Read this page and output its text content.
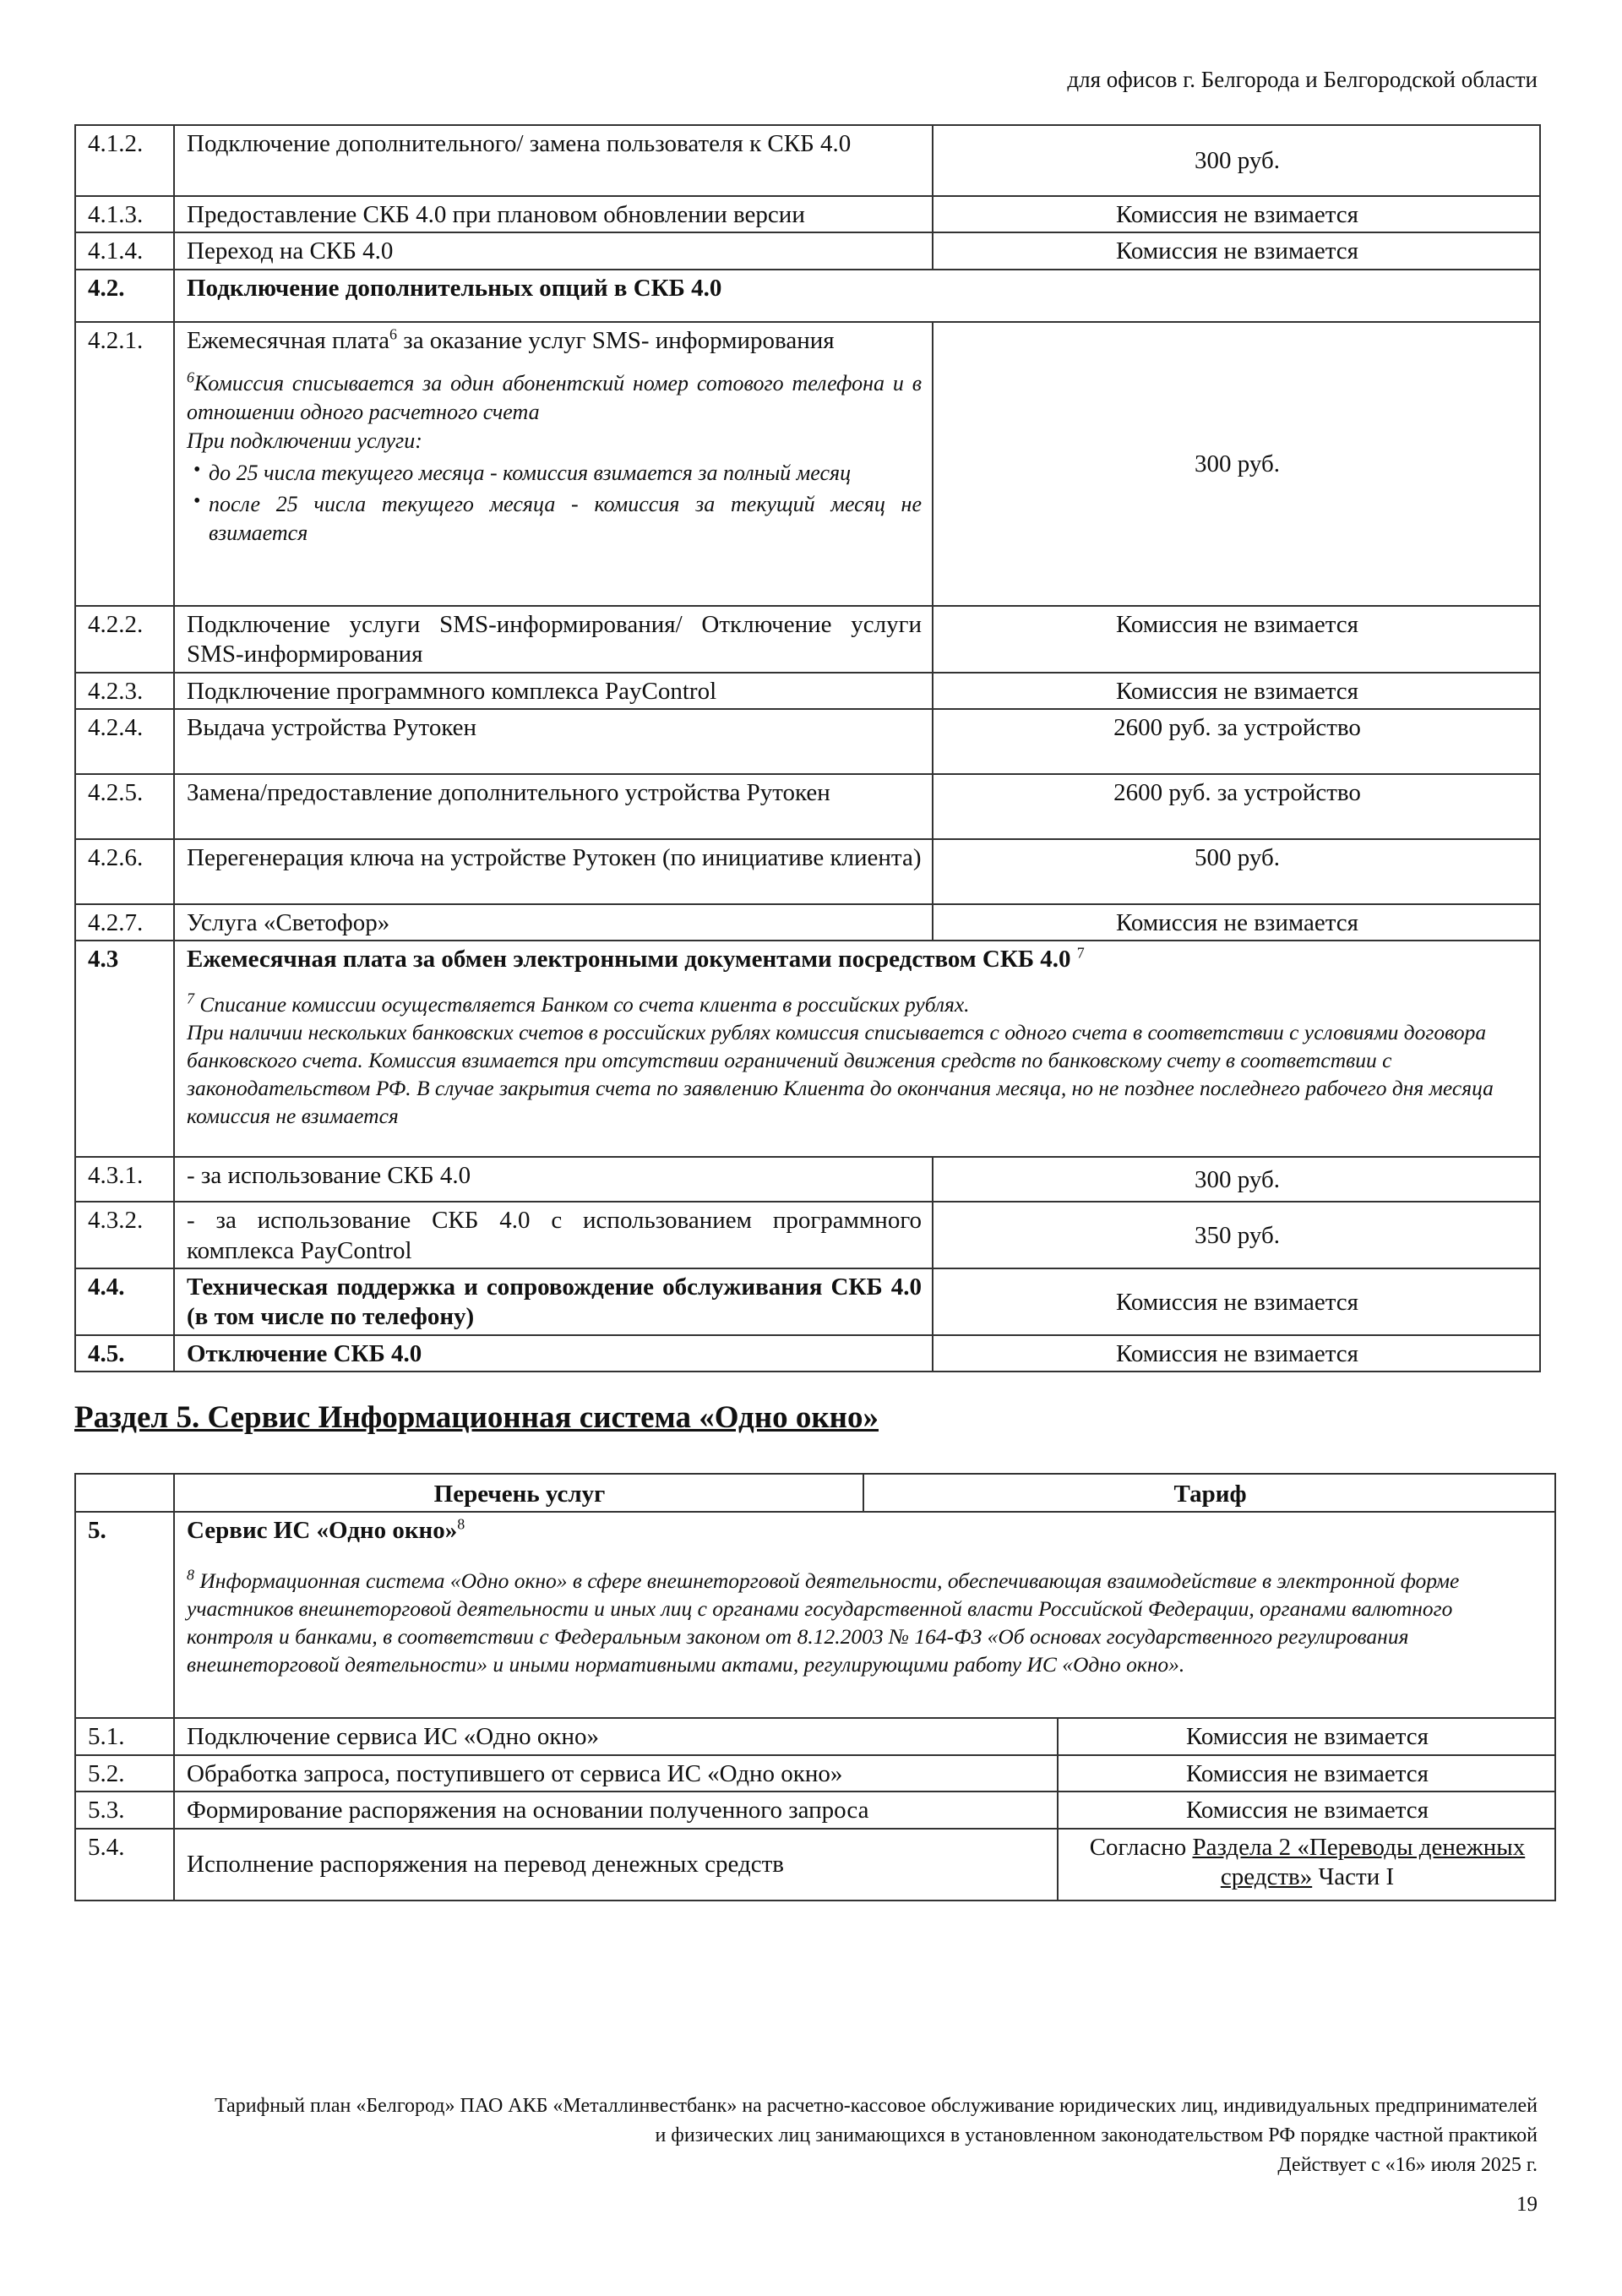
для офисов г. Белгорода и Белгородской области
4.1.2.	Подключение дополнительного/ замена пользователя к СКБ 4.0	300 руб.
4.1.3.	Предоставление СКБ 4.0 при плановом обновлении версии	Комиссия не взимается
4.1.4.	Переход на СКБ 4.0	Комиссия не взимается
4.2.	Подключение дополнительных опций в СКБ 4.0	
4.2.1.	Ежемесячная плата$^6$ за оказание услуг SMS- информирования
$^6$Комиссия списывается за один абонентский номер сотового телефона и в отношении одного расчетного счета
При подключении услуги:
• до 25 числа текущего месяца - комиссия взимается за полный месяц
• после 25 числа текущего месяца - комиссия за текущий месяц не взимается	300 руб.
4.2.2.	Подключение услуги SMS-информирования/ Отключение услуги SMS-информирования	Комиссия не взимается
4.2.3.	Подключение программного комплекса PayControl	Комиссия не взимается
4.2.4.	Выдача устройства Рутокен	2600 руб. за устройство
4.2.5.	Замена/предоставление дополнительного устройства Рутокен	2600 руб. за устройство
4.2.6.	Перегенерация ключа на устройстве Рутокен (по инициативе клиента)	500 руб.
4.2.7.	Услуга «Светофор»	Комиссия не взимается
4.3	Ежемесячная плата за обмен электронными документами посредством СКБ 4.0 $^7$
$^7$ Списание комиссии осуществляется Банком со счета клиента в российских рублях.
При наличии нескольких банковских счетов в российских рублях комиссия списывается с одного счета в соответствии с условиями договора банковского счета. Комиссия взимается при отсутствии ограничений движения средств по банковскому счету в соответствии с законодательством РФ. В случае закрытия счета по заявлению Клиента до окончания месяца, но не позднее последнего рабочего дня месяца комиссия не взимается	

4.3.1.	- за использование СКБ 4.0	300 руб.
4.3.2.	- за использование СКБ 4.0 с использованием программного комплекса PayControl	350 руб.
4.4.	Техническая поддержка и сопровождение обслуживания СКБ 4.0 (в том числе по телефону)	Комиссия не взимается
4.5.	Отключение СКБ 4.0	Комиссия не взимается
Раздел 5. Сервис Информационная система «Одно окно»
	Перечень услуг	Тариф	
5.	Сервис ИС «Одно окно»$^8$
$^8$ Информационная система «Одно окно» в сфере внешнеторговой деятельности, обеспечивающая взаимодействие в электронной форме участников внешнеторговой деятельности и иных лиц с органами государственной власти Российской Федерации, органами валютного контроля и банками, в соответствии с Федеральным законом от 8.12.2003 № 164-ФЗ «Об основах государственного регулирования внешнеторговой деятельности» и иными нормативными актами, регулирующими работу ИС «Одно окно».		

5.1.	Подключение сервиса ИС «Одно окно»		Комиссия не взимается
5.2.	Обработка запроса, поступившего от сервиса ИС «Одно окно»		Комиссия не взимается
5.3.	Формирование распоряжения на основании полученного запроса		Комиссия не взимается
5.4.	Исполнение распоряжения на перевод денежных средств		Согласно Раздела 2 «Переводы денежных средств» Части I
Тарифный план «Белгород» ПАО АКБ «Металлинвестбанк» на расчетно-кассовое обслуживание юридических лиц, индивидуальных предпринимателей
и физических лиц занимающихся в установленном законодательством РФ порядке частной практикой
Действует с «16» июля 2025 г.
19
